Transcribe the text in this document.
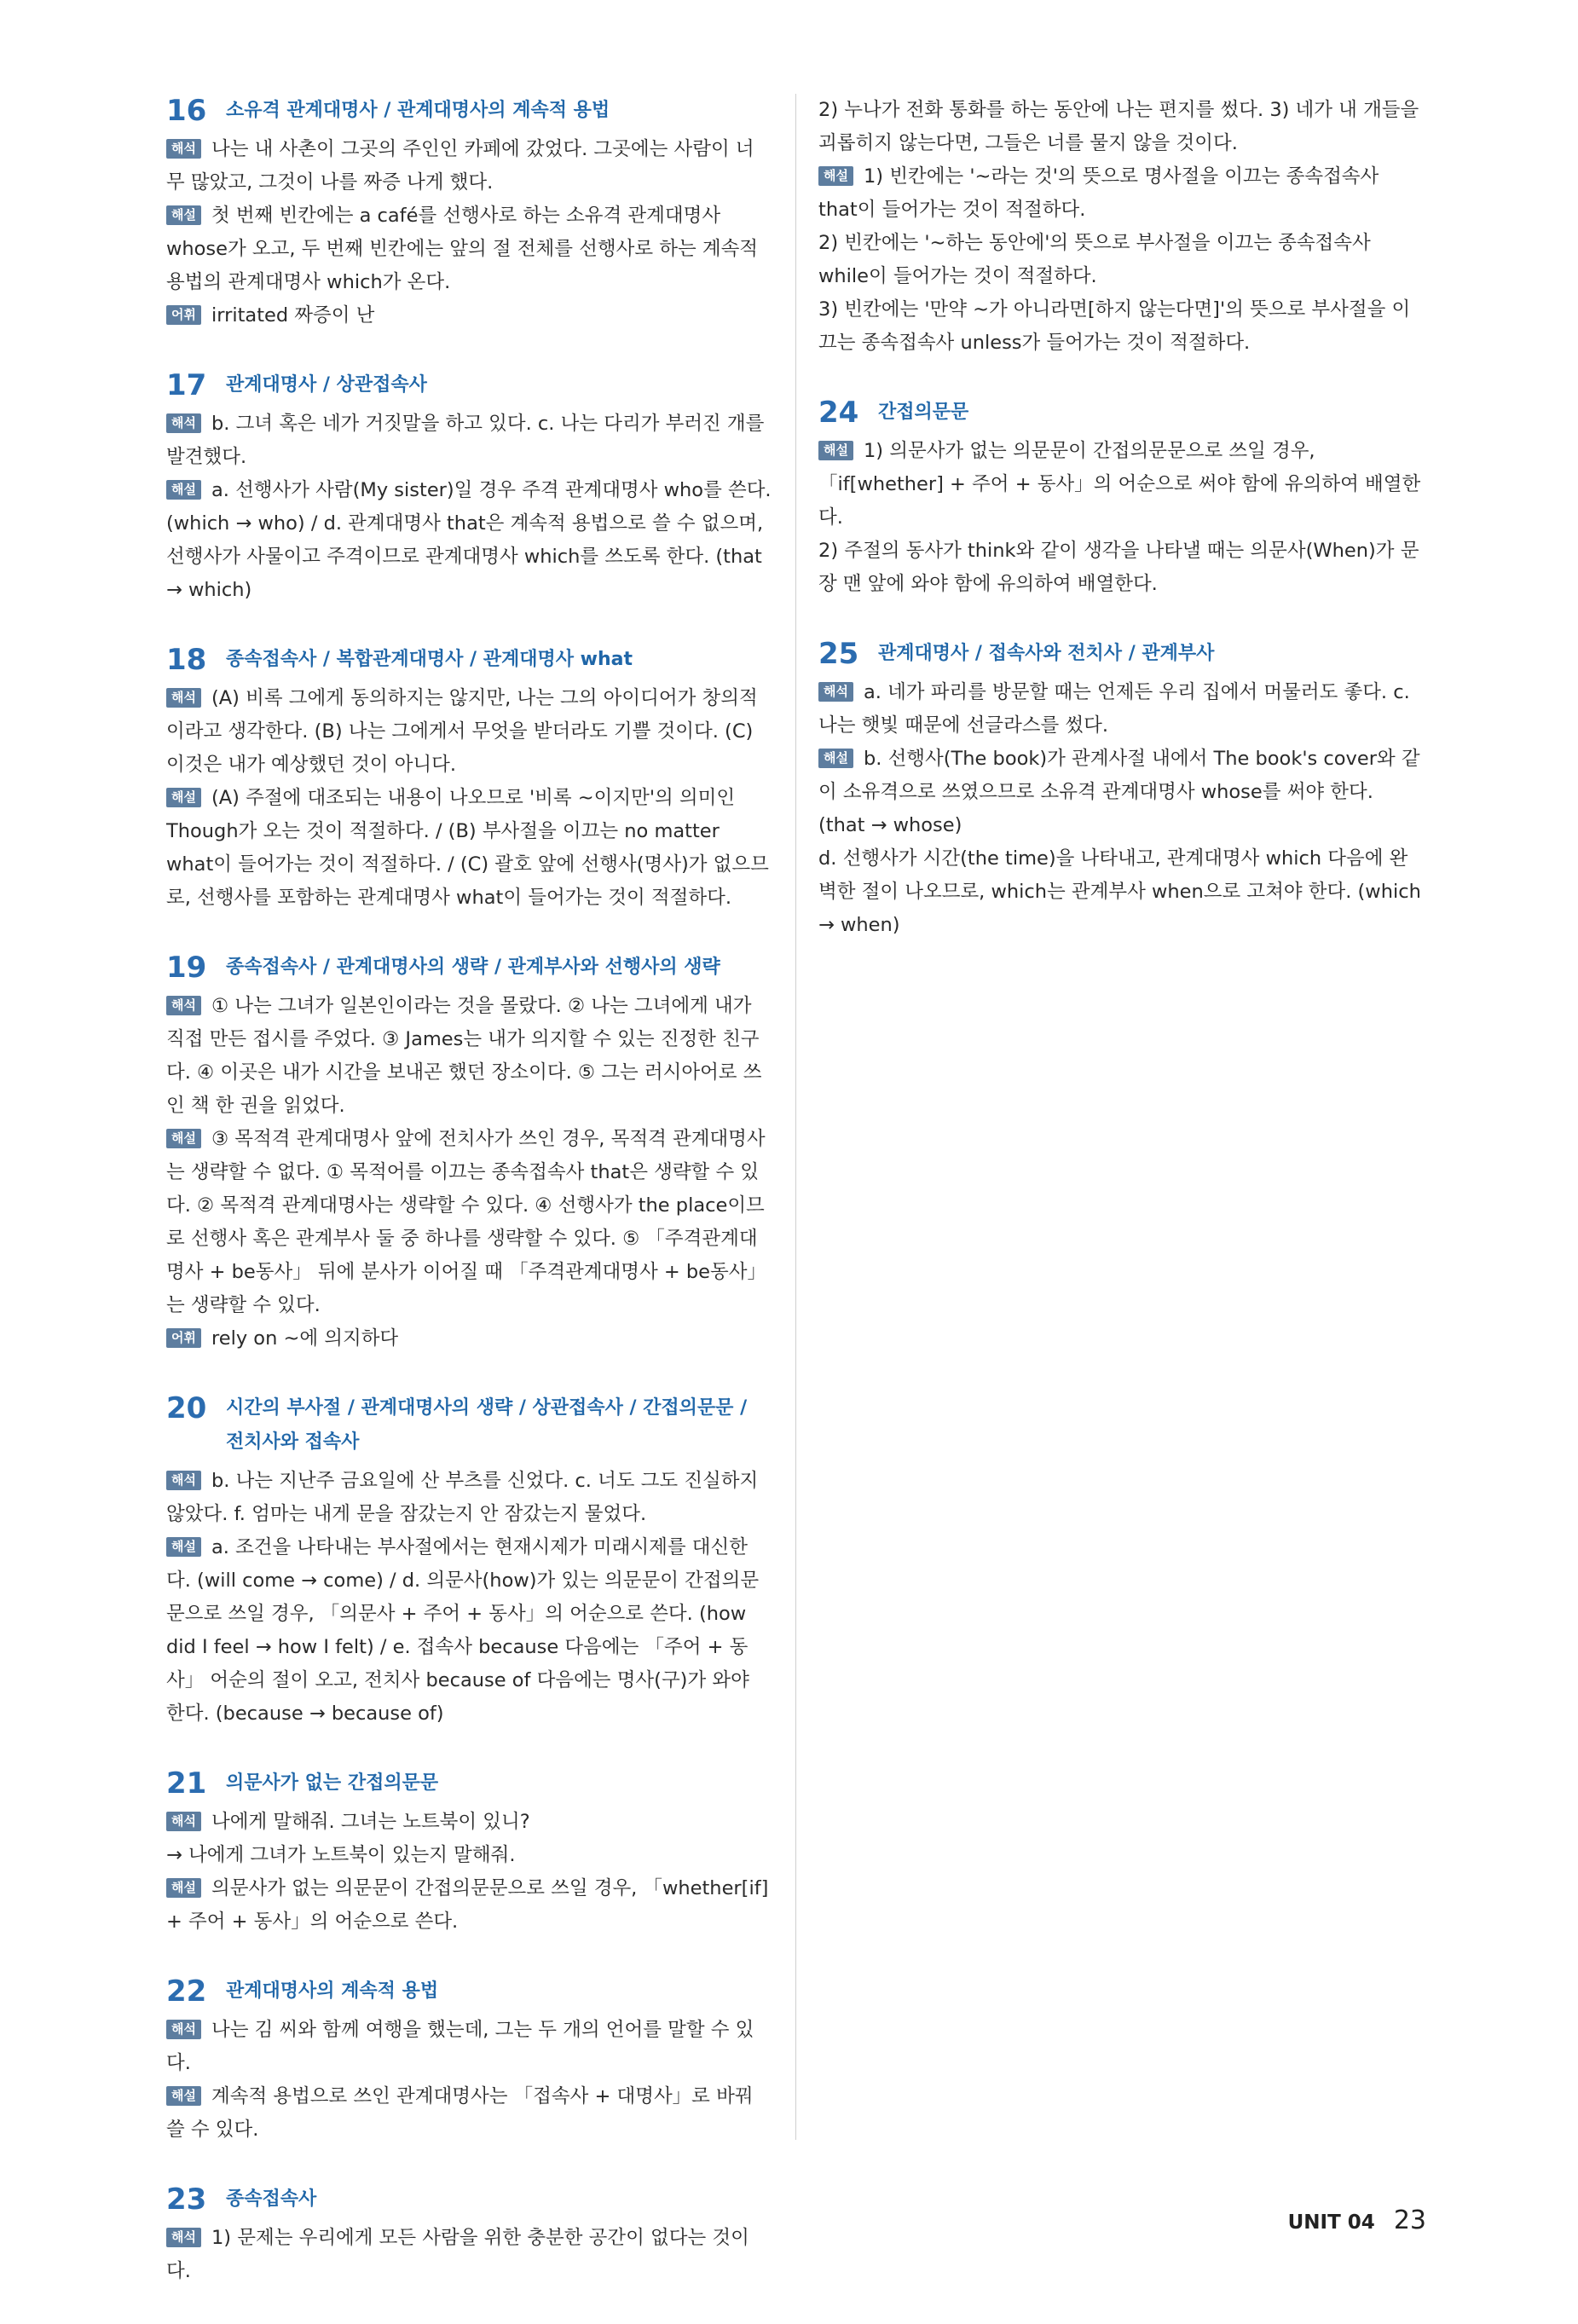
16	소유격 관계대명사 / 관계대명사의 계속적 용법

해석 나는 내 사촌이 그곳의 주인인 카페에 갔었다. 그곳에는 사람이 너무 많았고, 그것이 나를 짜증 나게 했다.

해설 첫 번째 빈칸에는 a café를 선행사로 하는 소유격 관계대명사 whose가 오고, 두 번째 빈칸에는 앞의 절 전체를 선행사로 하는 계속적 용법의 관계대명사 which가 온다.

어휘 irritated 짜증이 난

17	관계대명사 / 상관접속사

해석 b. 그녀 혹은 네가 거짓말을 하고 있다. c. 나는 다리가 부러진 개를 발견했다.

해설 a. 선행사가 사람(My sister)일 경우 주격 관계대명사 who를 쓴다. (which → who) / d. 관계대명사 that은 계속적 용법으로 쓸 수 없으며, 선행사가 사물이고 주격이므로 관계대명사 which를 쓰도록 한다. (that → which)

18	종속접속사 / 복합관계대명사 / 관계대명사 what

해석 (A) 비록 그에게 동의하지는 않지만, 나는 그의 아이디어가 창의적이라고 생각한다. (B) 나는 그에게서 무엇을 받더라도 기쁠 것이다. (C) 이것은 내가 예상했던 것이 아니다.

해설 (A) 주절에 대조되는 내용이 나오므로 '비록 ~이지만'의 의미인 Though가 오는 것이 적절하다. / (B) 부사절을 이끄는 no matter what이 들어가는 것이 적절하다. / (C) 괄호 앞에 선행사(명사)가 없으므로, 선행사를 포함하는 관계대명사 what이 들어가는 것이 적절하다.

19	종속접속사 / 관계대명사의 생략 / 관계부사와 선행사의 생략

해석 ① 나는 그녀가 일본인이라는 것을 몰랐다. ② 나는 그녀에게 내가 직접 만든 접시를 주었다. ③ James는 내가 의지할 수 있는 진정한 친구다. ④ 이곳은 내가 시간을 보내곤 했던 장소이다. ⑤ 그는 러시아어로 쓰인 책 한 권을 읽었다.

해설 ③ 목적격 관계대명사 앞에 전치사가 쓰인 경우, 목적격 관계대명사는 생략할 수 없다. ① 목적어를 이끄는 종속접속사 that은 생략할 수 있다. ② 목적격 관계대명사는 생략할 수 있다. ④ 선행사가 the place이므로 선행사 혹은 관계부사 둘 중 하나를 생략할 수 있다. ⑤ 「주격관계대명사 + be동사」 뒤에 분사가 이어질 때 「주격관계대명사 + be동사」는 생략할 수 있다.

어휘 rely on ~에 의지하다

20	시간의 부사절 / 관계대명사의 생략 / 상관접속사 / 간접의문문 / 전치사와 접속사

해석 b. 나는 지난주 금요일에 산 부츠를 신었다. c. 너도 그도 진실하지 않았다. f. 엄마는 내게 문을 잠갔는지 안 잠갔는지 물었다.

해설 a. 조건을 나타내는 부사절에서는 현재시제가 미래시제를 대신한다. (will come → come) / d. 의문사(how)가 있는 의문문이 간접의문문으로 쓰일 경우, 「의문사 + 주어 + 동사」의 어순으로 쓴다. (how did I feel → how I felt) / e. 접속사 because 다음에는 「주어 + 동사」 어순의 절이 오고, 전치사 because of 다음에는 명사(구)가 와야 한다. (because → because of)

21	의문사가 없는 간접의문문

해석 나에게 말해줘. 그녀는 노트북이 있니?

→ 나에게 그녀가 노트북이 있는지 말해줘.

해설 의문사가 없는 의문문이 간접의문문으로 쓰일 경우, 「whether[if] + 주어 + 동사」의 어순으로 쓴다.

22	관계대명사의 계속적 용법

해석 나는 김 씨와 함께 여행을 했는데, 그는 두 개의 언어를 말할 수 있다.

해설 계속적 용법으로 쓰인 관계대명사는 「접속사 + 대명사」로 바꿔 쓸 수 있다.

23	종속접속사

해석 1) 문제는 우리에게 모든 사람을 위한 충분한 공간이 없다는 것이다.

2) 누나가 전화 통화를 하는 동안에 나는 편지를 썼다. 3) 네가 내 개들을 괴롭히지 않는다면, 그들은 너를 물지 않을 것이다.

해설 1) 빈칸에는 '~라는 것'의 뜻으로 명사절을 이끄는 종속접속사 that이 들어가는 것이 적절하다.

2) 빈칸에는 '~하는 동안에'의 뜻으로 부사절을 이끄는 종속접속사 while이 들어가는 것이 적절하다.

3) 빈칸에는 '만약 ~가 아니라면[하지 않는다면]'의 뜻으로 부사절을 이끄는 종속접속사 unless가 들어가는 것이 적절하다.

24	간접의문문

해설 1) 의문사가 없는 의문문이 간접의문문으로 쓰일 경우, 「if[whether] + 주어 + 동사」의 어순으로 써야 함에 유의하여 배열한다.

2) 주절의 동사가 think와 같이 생각을 나타낼 때는 의문사(When)가 문장 맨 앞에 와야 함에 유의하여 배열한다.

25	관계대명사 / 접속사와 전치사 / 관계부사

해석 a. 네가 파리를 방문할 때는 언제든 우리 집에서 머물러도 좋다. c. 나는 햇빛 때문에 선글라스를 썼다.

해설 b. 선행사(The book)가 관계사절 내에서 The book's cover와 같이 소유격으로 쓰였으므로 소유격 관계대명사 whose를 써야 한다. (that → whose)

d. 선행사가 시간(the time)을 나타내고, 관계대명사 which 다음에 완벽한 절이 나오므로, which는 관계부사 when으로 고쳐야 한다. (which → when)

UNIT 04 23
